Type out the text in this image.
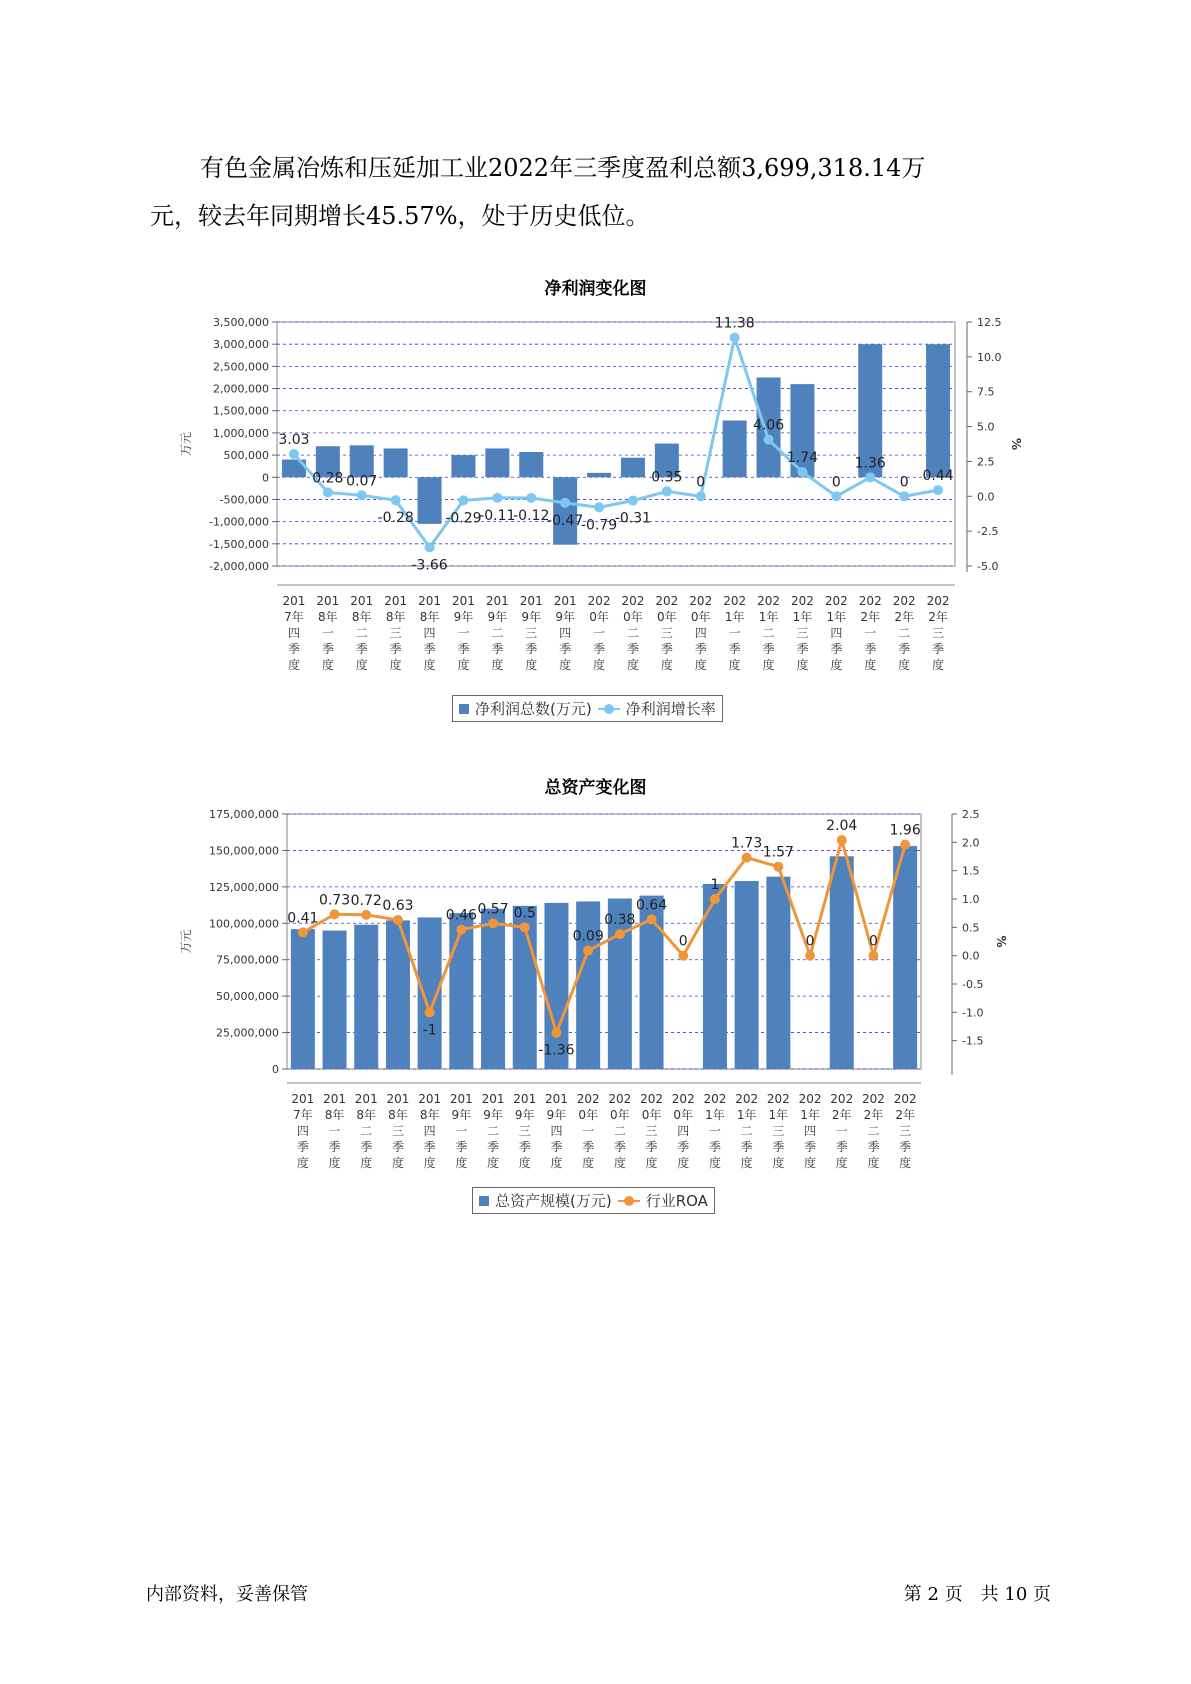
有色金属冶炼和压延加工业2022年三季度盈利总额3,699,318.14万

元，较去年同期增长45.57%，处于历史低位。

净利润变化图
3,500,000
3,000,000
2,500,000
2,000,000
1,500,000
1,000,000
500,000
0
-500,000
-1,000,000
-1,500,000
-2,000,000
12.5
10.0
7.5
5.0
2.5
0.0
-2.5
-5.0
万元	%
201
7年
四
季
度
201
8年
一
季
度
201
8年
二
季
度
201
8年
三
季
度
201
8年
四
季
度
201
9年
一
季
度
201
9年
二
季
度
201
9年
三
季
度
201
9年
四
季
度
202
0年
一
季
度
202
0年
二
季
度
202
0年
三
季
度
202
0年
四
季
度
202
1年
一
季
度
202
1年
二
季
度
202
1年
三
季
度
202
1年
四
季
度
202
2年
一
季
度
202
2年
二
季
度
202
2年
三
季
度
3.03
0.28 0.07
-0.28
-3.66
-0.29
-0.11
-0.12
-0.47
-0.79
-0.31
0.35 0
11.38
4.06
1.74
0
1.36
0 0.44
净利润总数(万元) 净利润增长率
总资产变化图
175,000,000
150,000,000
125,000,000
100,000,000
75,000,000
50,000,000
25,000,000
0
2.5
2.0
1.5
1.0
0.5
0.0
-0.5
-1.0
-1.5
万元	%
201
7年
四
季
度
201
8年
一
季
度
201
8年
二
季
度
201
8年
三
季
度
201
8年
四
季
度
201
9年
一
季
度
201
9年
二
季
度
201
9年
三
季
度
201
9年
四
季
度
202
0年
一
季
度
202
0年
二
季
度
202
0年
三
季
度
202
0年
四
季
度
202
1年
一
季
度
202
1年
二
季
度
202
1年
三
季
度
202
1年
四
季
度
202
2年
一
季
度
202
2年
二
季
度
202
2年
三
季
度
0.41
0.73 0.72 0.63
-1
0.46 0.57 0.5
-1.36
0.09
0.38
0.64
0
1
1.73
1.57
0
2.04
0
1.96
总资产规模(万元) 行业ROA
内部资料，妥善保管	第 2 页　共 10 页
